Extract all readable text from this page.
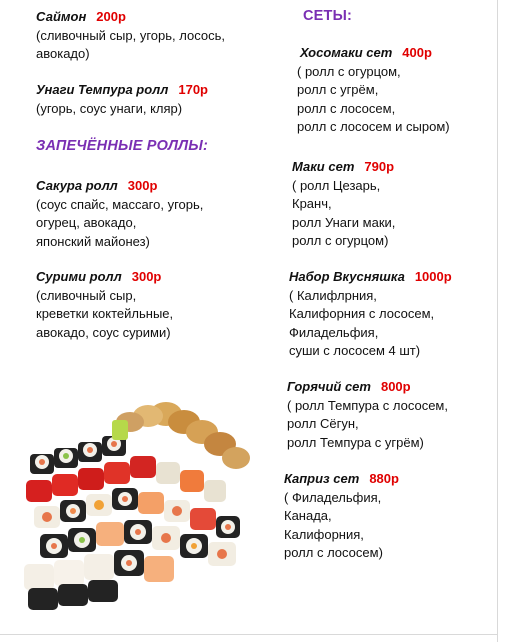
Саймон 200р
(сливочный сыр, угорь, лосось,
авокадо)
Унаги Темпура ролл 170р
(угорь, соус унаги, кляр)
ЗАПЕЧЁННЫЕ РОЛЛЫ:
Сакура ролл 300р
(соус спайс, массаго, угорь,
огурец, авокадо,
японский майонез)
Сурими ролл 300р
(сливочный сыр,
креветки коктейльные,
авокадо, соус сурими)
СЕТЫ:
Хосомаки сет 400р
( ролл с огурцом,
ролл с угрём,
ролл с лососем,
ролл с лососем и сыром)
Маки сет 790р
( ролл Цезарь,
Кранч,
ролл Унаги маки,
ролл с огурцом)
Набор Вкусняшка 1000р
( Калифлрния,
Калифорния с лососем,
Филадельфия,
суши с лососем 4 шт)
Горячий сет 800р
( ролл Темпура с лососем,
ролл Сёгун,
ролл Темпура с угрём)
Каприз сет 880р
( Филадельфия,
Канада,
Калифорния,
ролл с лососем)
